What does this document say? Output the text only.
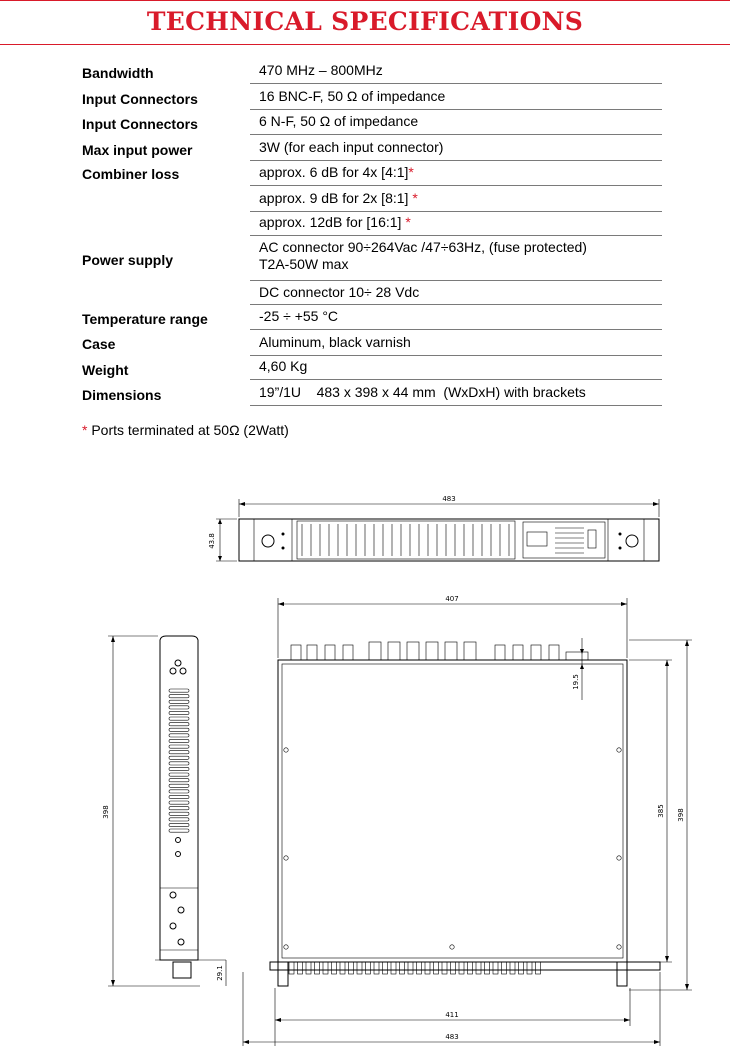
TECHNICAL SPECIFICATIONS
Bandwidth
Input Connectors
Input Connectors
Max input power
Combiner loss
Power supply
Temperature range
Case
Weight
Dimensions
470 MHz – 800MHz
16 BNC-F, 50 Ω of impedance
6 N-F, 50 Ω of impedance
3W (for each input connector)
approx. 6 dB for 4x [4:1]*
approx. 9 dB for 2x [8:1] *
approx. 12dB for [16:1] *
AC connector 90÷264Vac /47÷63Hz, (fuse protected)
T2A-50W max
DC connector 10÷ 28 Vdc
-25 ÷ +55 °C
Aluminum, black varnish
4,60 Kg
19”/1U    483 x 398 x 44 mm  (WxDxH) with brackets
* Ports terminated at 50Ω (2Watt)
483
43.8
398
29.1
407
19.5
385 398
411
483
